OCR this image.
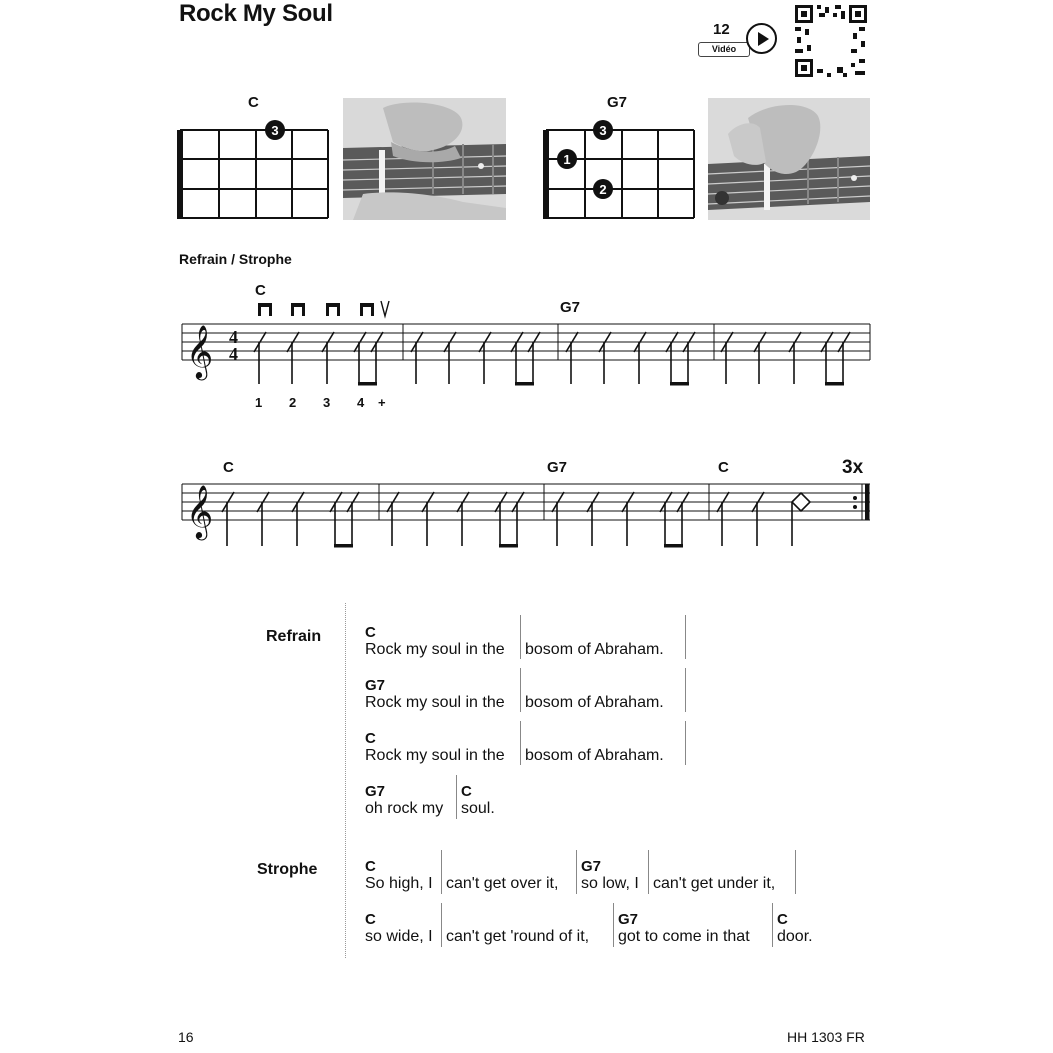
Rock My Soul
12
Vidéo
C
3
G7
3
1
2
Refrain / Strophe
C
G7
𝄞 4
4
1 2 3 4 +
C	G7	C	3x
𝄞
Refrain
Strophe
C
Rock my soul in the bosom of Abraham.
G7
Rock my soul in the bosom of Abraham.
C
Rock my soul in the bosom of Abraham.
G7
oh rock my
C
soul.
C
So high, I can't get over it,
G7
so low, I can't get under it,
C
so wide, I can't get 'round of it,
G7
got to come in that
C
door.
16	HH 1303 FR
